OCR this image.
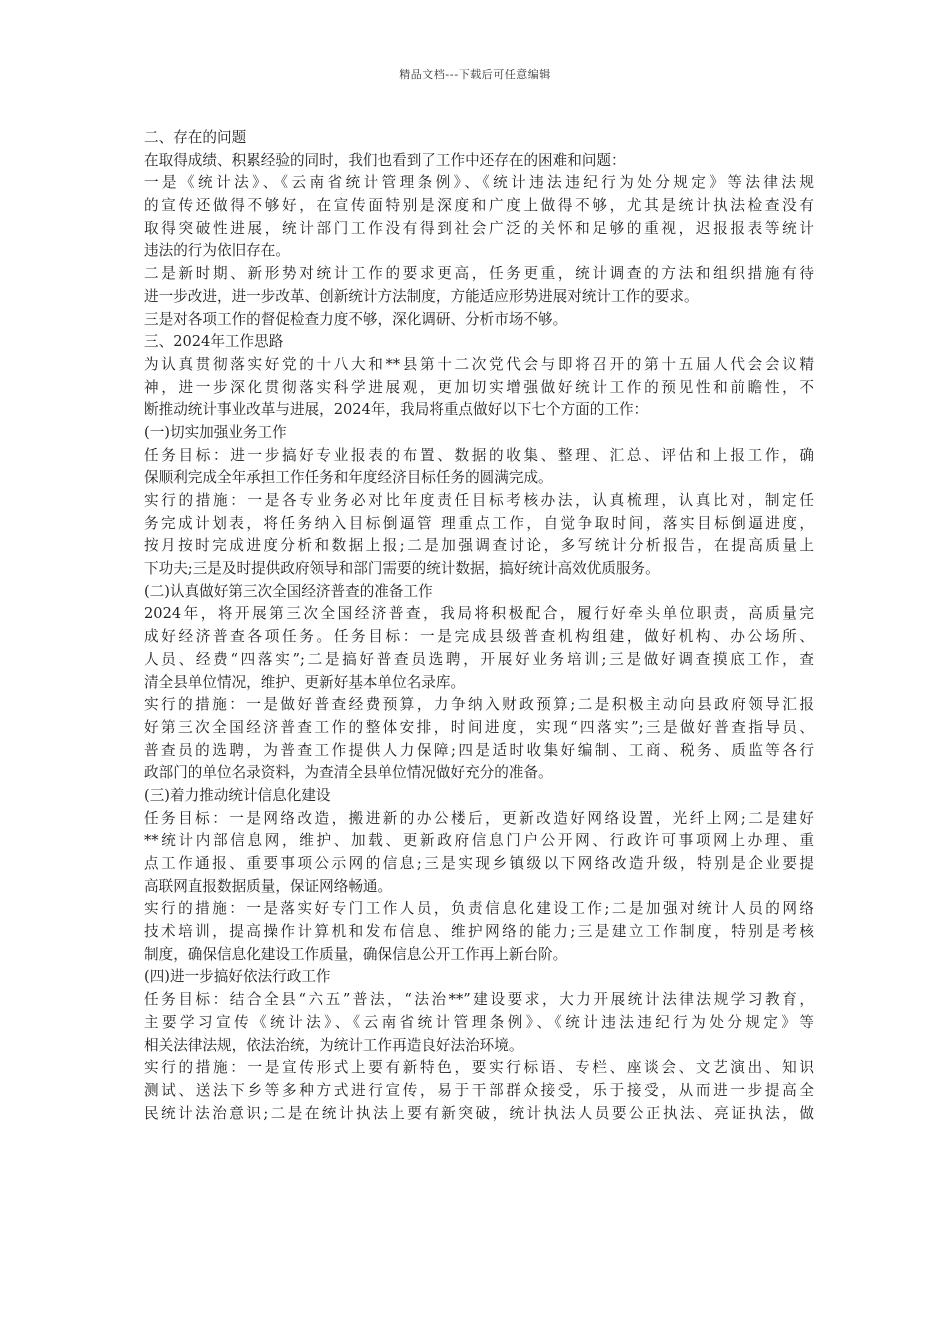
精品文档---下载后可任意编辑
二、存在的问题
在取得成绩、积累经验的同时，我们也看到了工作中还存在的困难和问题：
一是《统计法》、《云南省统计管理条例》、《统计违法违纪行为处分规定》等法律法规
的宣传还做得不够好，在宣传面特别是深度和广度上做得不够，尤其是统计执法检查没有
取得突破性进展，统计部门工作没有得到社会广泛的关怀和足够的重视，迟报报表等统计
违法的行为依旧存在。
二是新时期、新形势对统计工作的要求更高，任务更重，统计调查的方法和组织措施有待
进一步改进，进一步改革、创新统计方法制度，方能适应形势进展对统计工作的要求。
三是对各项工作的督促检查力度不够，深化调研、分析市场不够。
三、2024年工作思路
为认真贯彻落实好党的十八大和**县第十二次党代会与即将召开的第十五届人代会会议精
神，进一步深化贯彻落实科学进展观，更加切实增强做好统计工作的预见性和前瞻性，不
断推动统计事业改革与进展，2024年，我局将重点做好以下七个方面的工作：
(一)切实加强业务工作
任务目标：进一步搞好专业报表的布置、数据的收集、整理、汇总、评估和上报工作，确
保顺利完成全年承担工作任务和年度经济目标任务的圆满完成。
实行的措施：一是各专业务必对比年度责任目标考核办法，认真梳理，认真比对，制定任
务完成计划表，将任务纳入目标倒逼管 理重点工作，自觉争取时间，落实目标倒逼进度，
按月按时完成进度分析和数据上报;二是加强调查讨论，多写统计分析报告，在提高质量上
下功夫;三是及时提供政府领导和部门需要的统计数据，搞好统计高效优质服务。
(二)认真做好第三次全国经济普查的准备工作
2024年，将开展第三次全国经济普查，我局将积极配合，履行好牵头单位职责，高质量完
成好经济普查各项任务。任务目标：一是完成县级普查机构组建，做好机构、办公场所、
人员、经费“四落实”;二是搞好普查员选聘，开展好业务培训;三是做好调查摸底工作，查
清全县单位情况，维护、更新好基本单位名录库。
实行的措施：一是做好普查经费预算，力争纳入财政预算;二是积极主动向县政府领导汇报
好第三次全国经济普查工作的整体安排，时间进度，实现“四落实”;三是做好普查指导员、
普查员的选聘，为普查工作提供人力保障;四是适时收集好编制、工商、税务、质监等各行
政部门的单位名录资料，为查清全县单位情况做好充分的准备。
(三)着力推动统计信息化建设
任务目标：一是网络改造，搬进新的办公楼后，更新改造好网络设置，光纤上网;二是建好
**统计内部信息网，维护、加载、更新政府信息门户公开网、行政许可事项网上办理、重
点工作通报、重要事项公示网的信息;三是实现乡镇级以下网络改造升级，特别是企业要提
高联网直报数据质量，保证网络畅通。
实行的措施：一是落实好专门工作人员，负责信息化建设工作;二是加强对统计人员的网络
技术培训，提高操作计算机和发布信息、维护网络的能力;三是建立工作制度，特别是考核
制度，确保信息化建设工作质量，确保信息公开工作再上新台阶。
(四)进一步搞好依法行政工作
任务目标：结合全县“六五”普法，“法治**”建设要求，大力开展统计法律法规学习教育，
主要学习宣传《统计法》、《云南省统计管理条例》、《统计违法违纪行为处分规定》等
相关法律法规，依法治统，为统计工作再造良好法治环境。
实行的措施：一是宣传形式上要有新特色，要实行标语、专栏、座谈会、文艺演出、知识
测试、送法下乡等多种方式进行宣传，易于干部群众接受，乐于接受，从而进一步提高全
民统计法治意识;二是在统计执法上要有新突破，统计执法人员要公正执法、亮证执法，做
